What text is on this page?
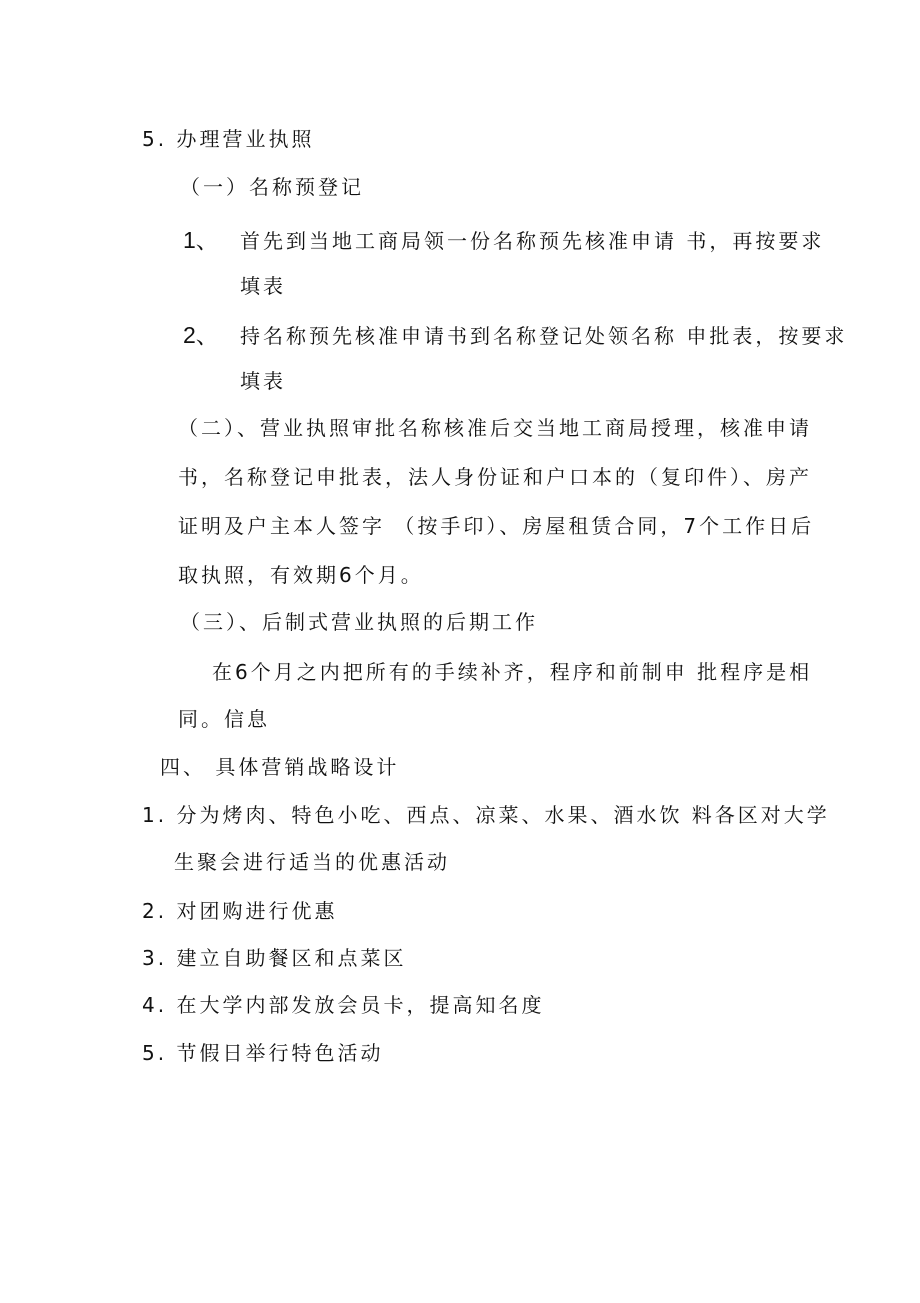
5. 办理营业执照
（一）名称预登记
1、 首先到当地工商局领一份名称预先核准申请 书，再按要求
填表
2、 持名称预先核准申请书到名称登记处领名称 申批表，按要求
填表
（二）、营业执照审批名称核准后交当地工商局授理，核准申请
书，名称登记申批表，法人身份证和户口本的（复印件）、房产
证明及户主本人签字 （按手印）、房屋租赁合同，7个工作日后
取执照，有效期6个月。
（三）、后制式营业执照的后期工作
在6个月之内把所有的手续补齐，程序和前制申 批程序是相
同。信息
四、 具体营销战略设计
1. 分为烤肉、特色小吃、西点、凉菜、水果、酒水饮 料各区对大学
生聚会进行适当的优惠活动
2. 对团购进行优惠
3. 建立自助餐区和点菜区
4. 在大学内部发放会员卡，提高知名度
5. 节假日举行特色活动
